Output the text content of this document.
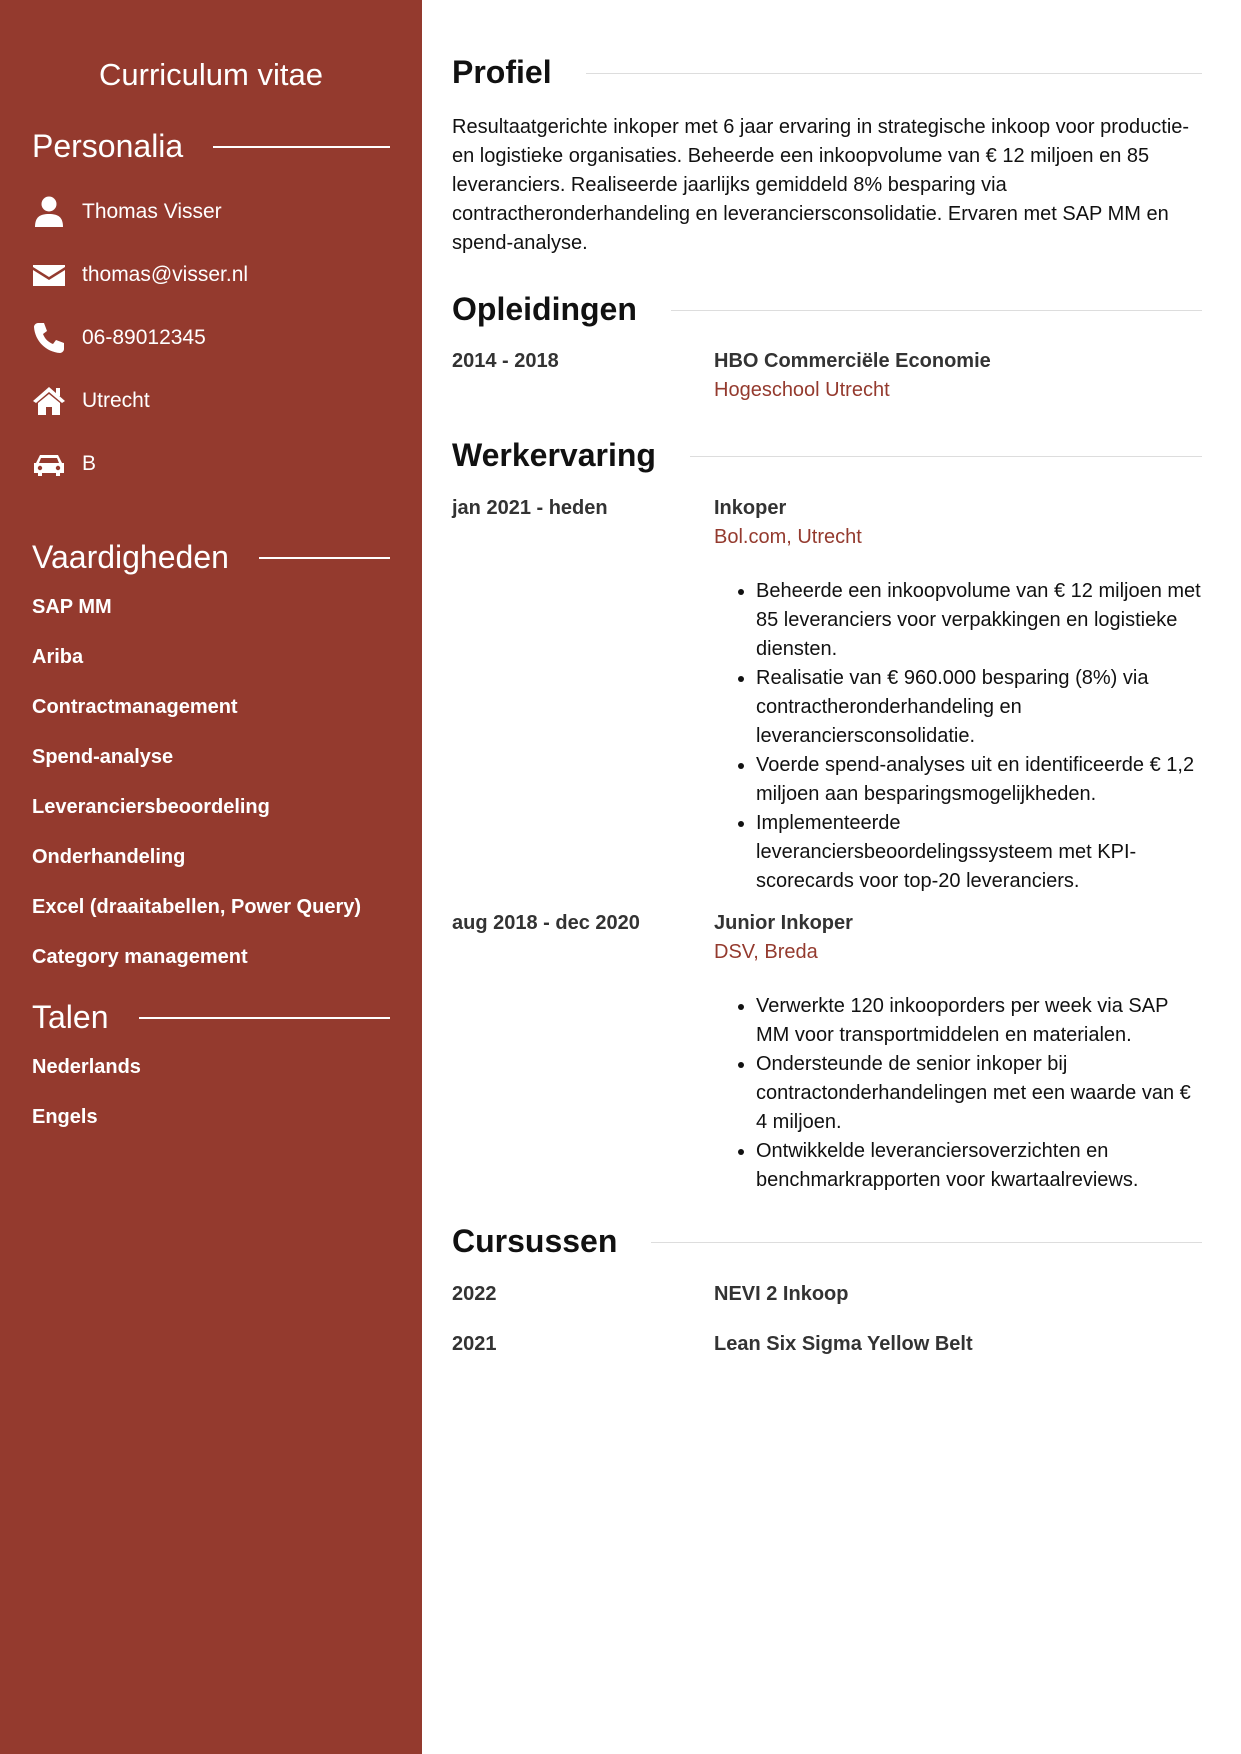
Curriculum vitae
Personalia
Thomas Visser
thomas@visser.nl
06-89012345
Utrecht
B
Vaardigheden
SAP MM
Ariba
Contractmanagement
Spend-analyse
Leveranciersbeoordeling
Onderhandeling
Excel (draaitabellen, Power Query)
Category management
Talen
Nederlands
Engels
Profiel

Resultaatgerichte inkoper met 6 jaar ervaring in strategische inkoop voor productie- en logistieke organisaties. Beheerde een inkoopvolume van € 12 miljoen en 85 leveranciers. Realiseerde jaarlijks gemiddeld 8% besparing via contractheronderhandeling en leveranciersconsolidatie. Ervaren met SAP MM en spend-analyse.

Opleidingen
2014 - 2018	HBO Commerciële Economie
Hogeschool Utrecht
Werkervaring
jan 2021 - heden	Inkoper
Bol.com, Utrecht
• Beheerde een inkoopvolume van € 12 miljoen met 85 leveranciers voor verpakkingen en logistieke diensten.
• Realisatie van € 960.000 besparing (8%) via contractheronderhandeling en leveranciersconsolidatie.
• Voerde spend-analyses uit en identificeerde € 1,2 miljoen aan besparingsmogelijkheden.
• Implementeerde leveranciersbeoordelingssysteem met KPI-scorecards voor top-20 leveranciers.
aug 2018 - dec 2020	Junior Inkoper
DSV, Breda
• Verwerkte 120 inkooporders per week via SAP MM voor transportmiddelen en materialen.
• Ondersteunde de senior inkoper bij contractonderhandelingen met een waarde van € 4 miljoen.
• Ontwikkelde leveranciersoverzichten en benchmarkrapporten voor kwartaalreviews.
Cursussen
2022	NEVI 2 Inkoop
2021	Lean Six Sigma Yellow Belt
